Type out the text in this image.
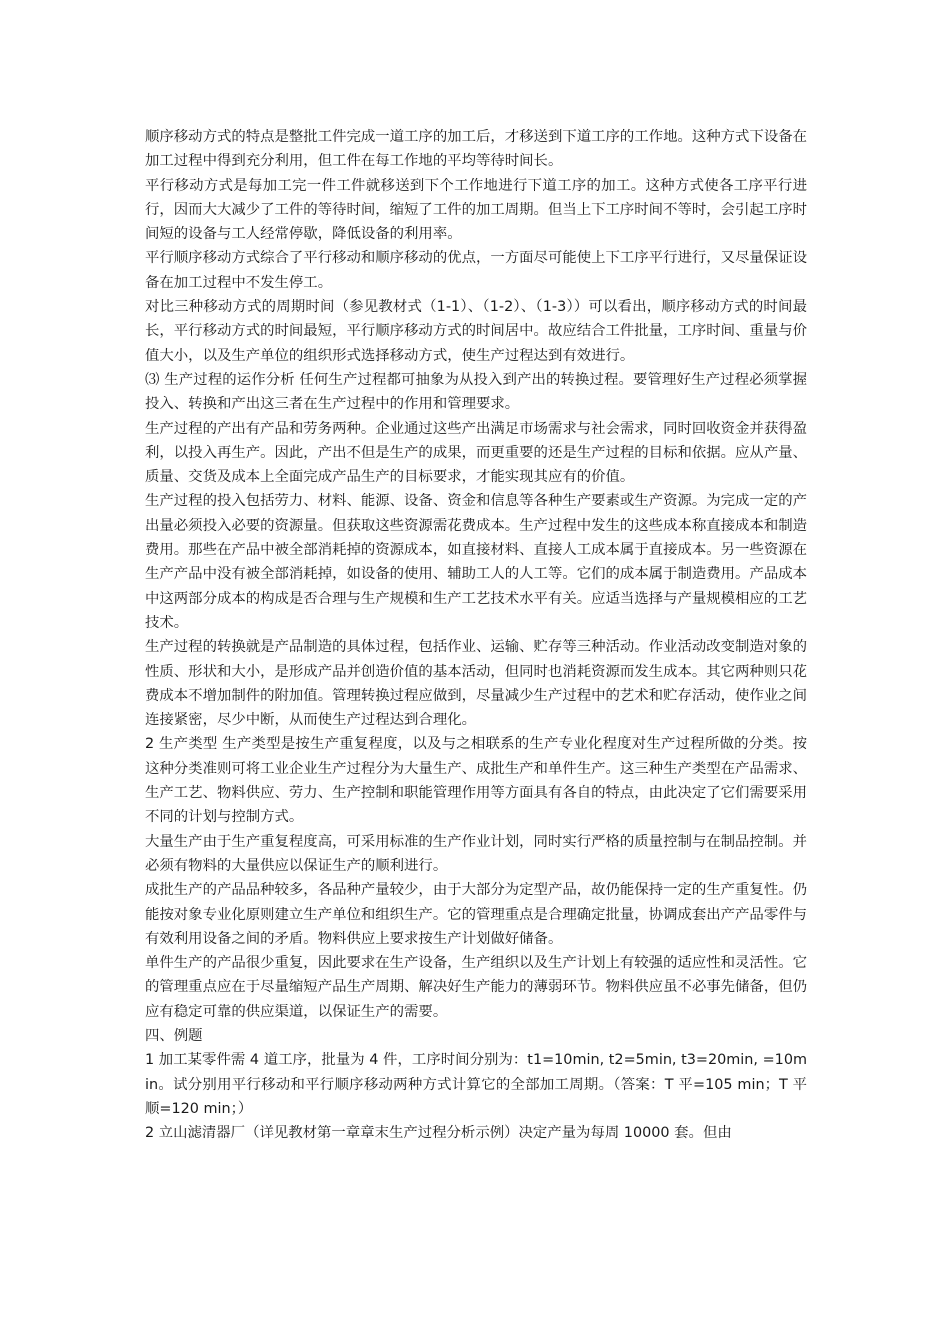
顺序移动方式的特点是整批工件完成一道工序的加工后，才移送到下道工序的工作地。这种方式下设备在加工过程中得到充分利用，但工件在每工作地的平均等待时间长。

平行移动方式是每加工完一件工件就移送到下个工作地进行下道工序的加工。这种方式使各工序平行进行，因而大大减少了工件的等待时间，缩短了工件的加工周期。但当上下工序时间不等时，会引起工序时间短的设备与工人经常停歇，降低设备的利用率。

平行顺序移动方式综合了平行移动和顺序移动的优点，一方面尽可能使上下工序平行进行，又尽量保证设备在加工过程中不发生停工。

对比三种移动方式的周期时间（参见教材式（1-1）、（1-2）、（1-3））可以看出，顺序移动方式的时间最长，平行移动方式的时间最短，平行顺序移动方式的时间居中。故应结合工件批量，工序时间、重量与价值大小，以及生产单位的组织形式选择移动方式，使生产过程达到有效进行。

⑶ 生产过程的运作分析 任何生产过程都可抽象为从投入到产出的转换过程。要管理好生产过程必须掌握投入、转换和产出这三者在生产过程中的作用和管理要求。

生产过程的产出有产品和劳务两种。企业通过这些产出满足市场需求与社会需求，同时回收资金并获得盈利，以投入再生产。因此，产出不但是生产的成果，而更重要的还是生产过程的目标和依据。应从产量、质量、交货及成本上全面完成产品生产的目标要求，才能实现其应有的价值。

生产过程的投入包括劳力、材料、能源、设备、资金和信息等各种生产要素或生产资源。为完成一定的产出量必须投入必要的资源量。但获取这些资源需花费成本。生产过程中发生的这些成本称直接成本和制造费用。那些在产品中被全部消耗掉的资源成本，如直接材料、直接人工成本属于直接成本。另一些资源在生产产品中没有被全部消耗掉，如设备的使用、辅助工人的人工等。它们的成本属于制造费用。产品成本中这两部分成本的构成是否合理与生产规模和生产工艺技术水平有关。应适当选择与产量规模相应的工艺技术。

生产过程的转换就是产品制造的具体过程，包括作业、运输、贮存等三种活动。作业活动改变制造对象的性质、形状和大小，是形成产品并创造价值的基本活动，但同时也消耗资源而发生成本。其它两种则只花费成本不增加制件的附加值。管理转换过程应做到，尽量减少生产过程中的艺术和贮存活动，使作业之间连接紧密，尽少中断，从而使生产过程达到合理化。

2 生产类型 生产类型是按生产重复程度，以及与之相联系的生产专业化程度对生产过程所做的分类。按这种分类准则可将工业企业生产过程分为大量生产、成批生产和单件生产。这三种生产类型在产品需求、生产工艺、物料供应、劳力、生产控制和职能管理作用等方面具有各自的特点，由此决定了它们需要采用不同的计划与控制方式。

大量生产由于生产重复程度高，可采用标准的生产作业计划，同时实行严格的质量控制与在制品控制。并必须有物料的大量供应以保证生产的顺利进行。

成批生产的产品品种较多，各品种产量较少，由于大部分为定型产品，故仍能保持一定的生产重复性。仍能按对象专业化原则建立生产单位和组织生产。它的管理重点是合理确定批量，协调成套出产产品零件与有效利用设备之间的矛盾。物料供应上要求按生产计划做好储备。

单件生产的产品很少重复，因此要求在生产设备，生产组织以及生产计划上有较强的适应性和灵活性。它的管理重点应在于尽量缩短产品生产周期、解决好生产能力的薄弱环节。物料供应虽不必事先储备，但仍应有稳定可靠的供应渠道，以保证生产的需要。

四、例题

1 加工某零件需 4 道工序，批量为 4 件，工序时间分别为：t1=10min, t2=5min, t3=20min, =10min。试分别用平行移动和平行顺序移动两种方式计算它的全部加工周期。（答案：T 平=105 min；T 平顺=120 min；）

2 立山滤清器厂（详见教材第一章章末生产过程分析示例）决定产量为每周 10000 套。但由
